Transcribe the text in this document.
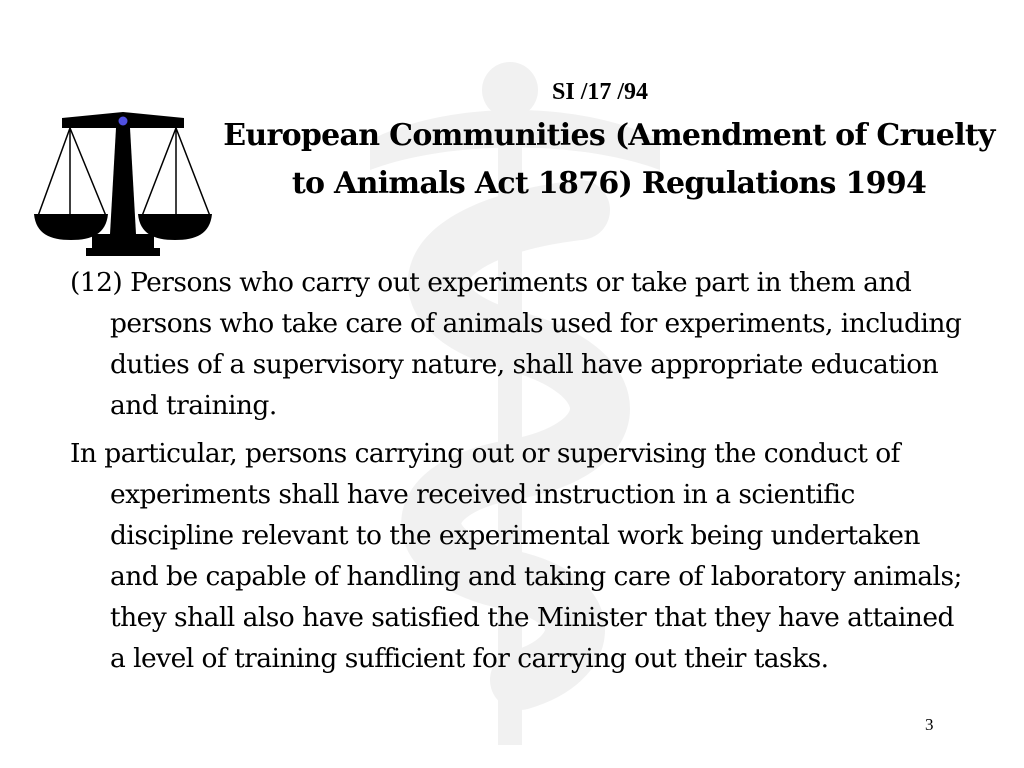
SI /17 /94
European Communities (Amendment of Cruelty to Animals Act 1876) Regulations 1994

(12) Persons who carry out experiments or take part in them and persons who take care of animals used for experiments, including duties of a supervisory nature, shall have appropriate education and training.

In particular, persons carrying out or supervising the conduct of experiments shall have received instruction in a scientific discipline relevant to the experimental work being undertaken and be capable of handling and taking care of laboratory animals; they shall also have satisfied the Minister that they have attained a level of training sufficient for carrying out their tasks.

3
